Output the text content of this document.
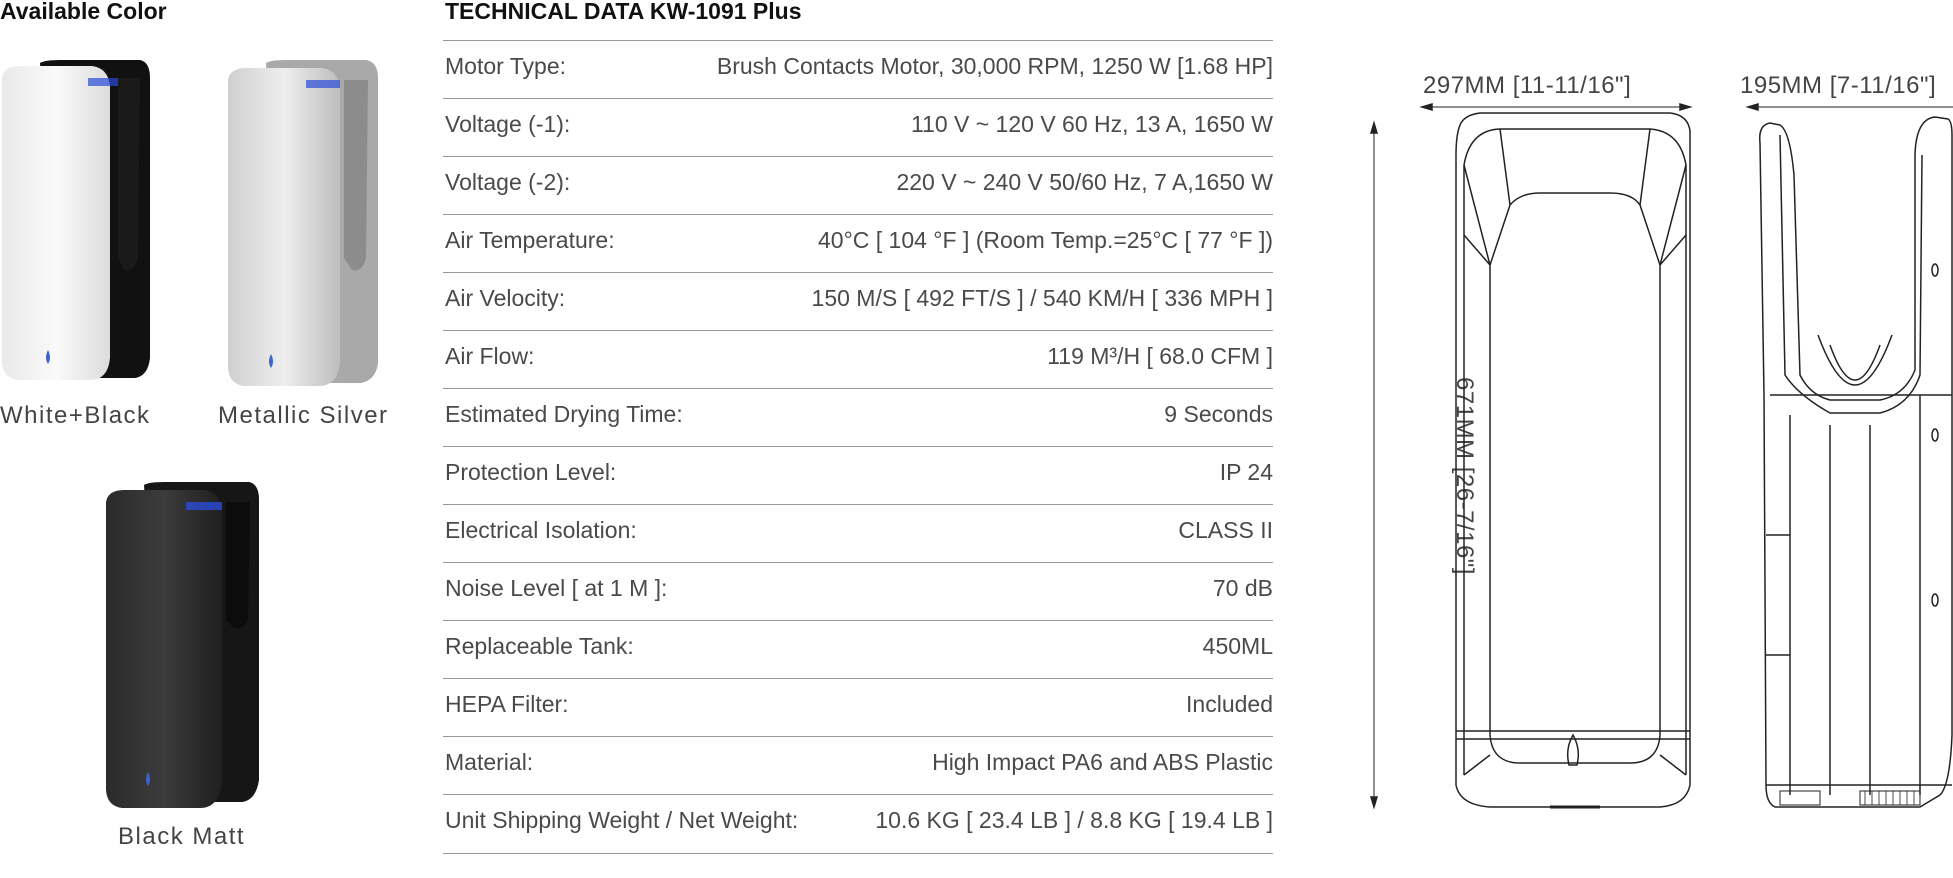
Available Color
White+Black	Metallic Silver
Black Matt
TECHNICAL DATA KW-1091 Plus
Motor Type:	Brush Contacts Motor, 30,000 RPM, 1250 W [1.68 HP]
Voltage (-1):	110 V ~ 120 V 60 Hz, 13 A, 1650 W
Voltage (-2):	220 V ~ 240 V 50/60 Hz, 7 A,1650 W
Air Temperature:	40°C [ 104 °F ] (Room Temp.=25°C [ 77 °F ])
Air Velocity:	150 M/S [ 492 FT/S ] / 540 KM/H [ 336 MPH ]
Air Flow:	119 M³/H [ 68.0 CFM ]
Estimated Drying Time:	9 Seconds
Protection Level:	IP 24
Electrical Isolation:	CLASS II
Noise Level [ at 1 M ]:	70 dB
Replaceable Tank:	450ML
HEPA Filter:	Included
Material:	High Impact PA6 and ABS Plastic
Unit Shipping Weight / Net Weight:	10.6 KG [ 23.4 LB ] / 8.8 KG [ 19.4 LB ]
297MM [11-11/16"]	195MM [7-11/16"]
671MM [26-7/16"]
